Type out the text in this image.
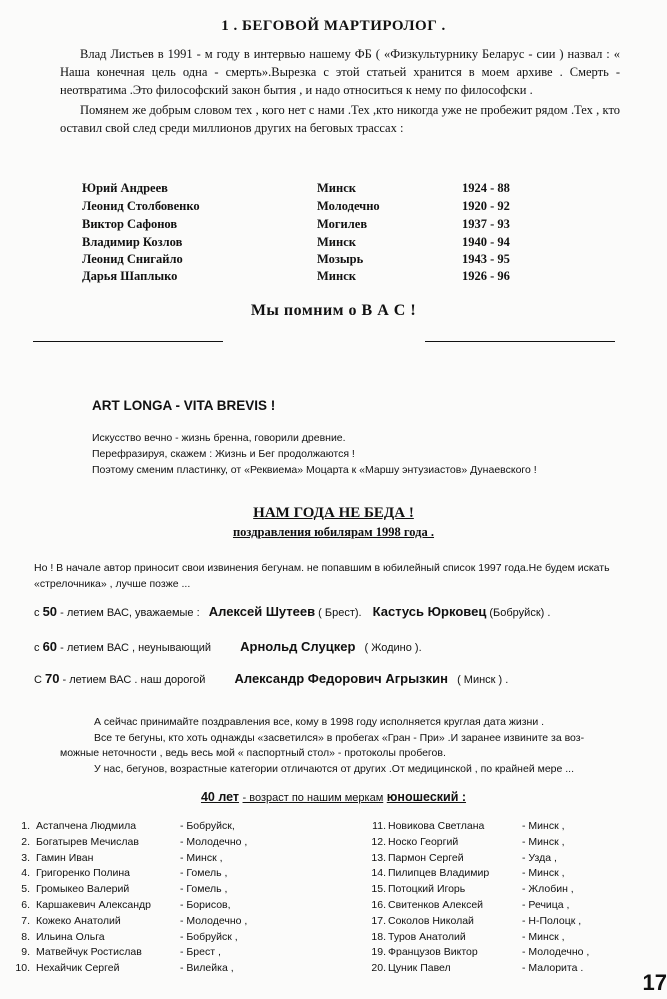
1 . БЕГОВОЙ МАРТИРОЛОГ .

Влад Листьев в 1991 - м году в интервью нашему ФБ ( «Физкультурнику Беларус - сии ) назвал : « Наша конечная цель одна - смерть».Вырезка с этой статьей хранится в моем архиве . Смерть - неотвратима .Это философский закон бытия , и надо относиться к нему по философски .

Помянем же добрым словом тех , кого нет с нами .Тех ,кто никогда уже не пробежит рядом .Тех , кто оставил свой след среди миллионов других на беговых трассах :

Юрий Андреев	Минск	1924 - 88
Леонид Столбовенко	Молодечно	1920 - 92
Виктор Сафонов	Могилев	1937 - 93
Владимир Козлов	Минск	1940 - 94
Леонид Снигайло	Мозырь	1943 - 95
Дарья Шаплыко	Минск	1926 - 96
Мы помним о В А С !
ART LONGA - VITA BREVIS !

Искусство вечно - жизнь бренна, говорили древние.

Перефразируя, скажем : Жизнь и Бег продолжаются !

Поэтому сменим пластинку, от «Реквиема» Моцарта к «Маршу энтузиастов» Дунаевского !

НАМ ГОДА НЕ БЕДА !
поздравления юбилярам 1998 года .
Но ! В начале автор приносит свои извинения бегунам. не попавшим в юбилейный список 1997 года.Не будем искать «стрелочника» , лучше позже ...
с 50 - летием ВАС, уважаемые : Алексей Шутеев ( Брест). Кастусь Юрковец (Бобруйск) .
с 60 - летием ВАС , неунывающий Арнольд Слуцкер ( Жодино ).
С 70 - летием ВАС . наш дорогой Александр Федорович Агрызкин ( Минск ) .
А сейчас принимайте поздравления все, кому в 1998 году исполняется круглая дата жизни .
Все те бегуны, кто хоть однажды «засветился» в пробегах «Гран - При» .И заранее извините за воз- можные неточности , ведь весь мой « паспортный стол» - протоколы пробегов.
У нас, бегунов, возрастные категории отличаются от других .От медицинской , по крайней мере ...
40 лет - возраст по нашим меркам юношеский :
1. Астапчена Людмила	- Бобруйск,
2. Богатырев Мечислав	- Молодечно ,
3. Гамин Иван	- Минск ,
4. Григоренко Полина	- Гомель ,
5. Громыкео Валерий	- Гомель ,
6. Каршакевич Александр	- Борисов,
7. Кожеко Анатолий	- Молодечно ,
8. Ильина Ольга	- Бобруйск ,
9. Матвейчук Ростислав	- Брест ,
10. Нехайчик Сергей	- Вилейка ,
11. Новикова Светлана	- Минск ,
12. Носко Георгий	- Минск ,
13. Пармон Сергей	- Узда ,
14. Пилипцев Владимир	- Минск ,
15. Потоцкий Игорь	- Жлобин ,
16. Свитенков Алексей	- Речица ,
17. Соколов Николай	- Н-Полоцк ,
18. Туров Анатолий	- Минск ,
19. Французов Виктор	- Молодечно ,
20. Цуник Павел	- Малорита .
17
